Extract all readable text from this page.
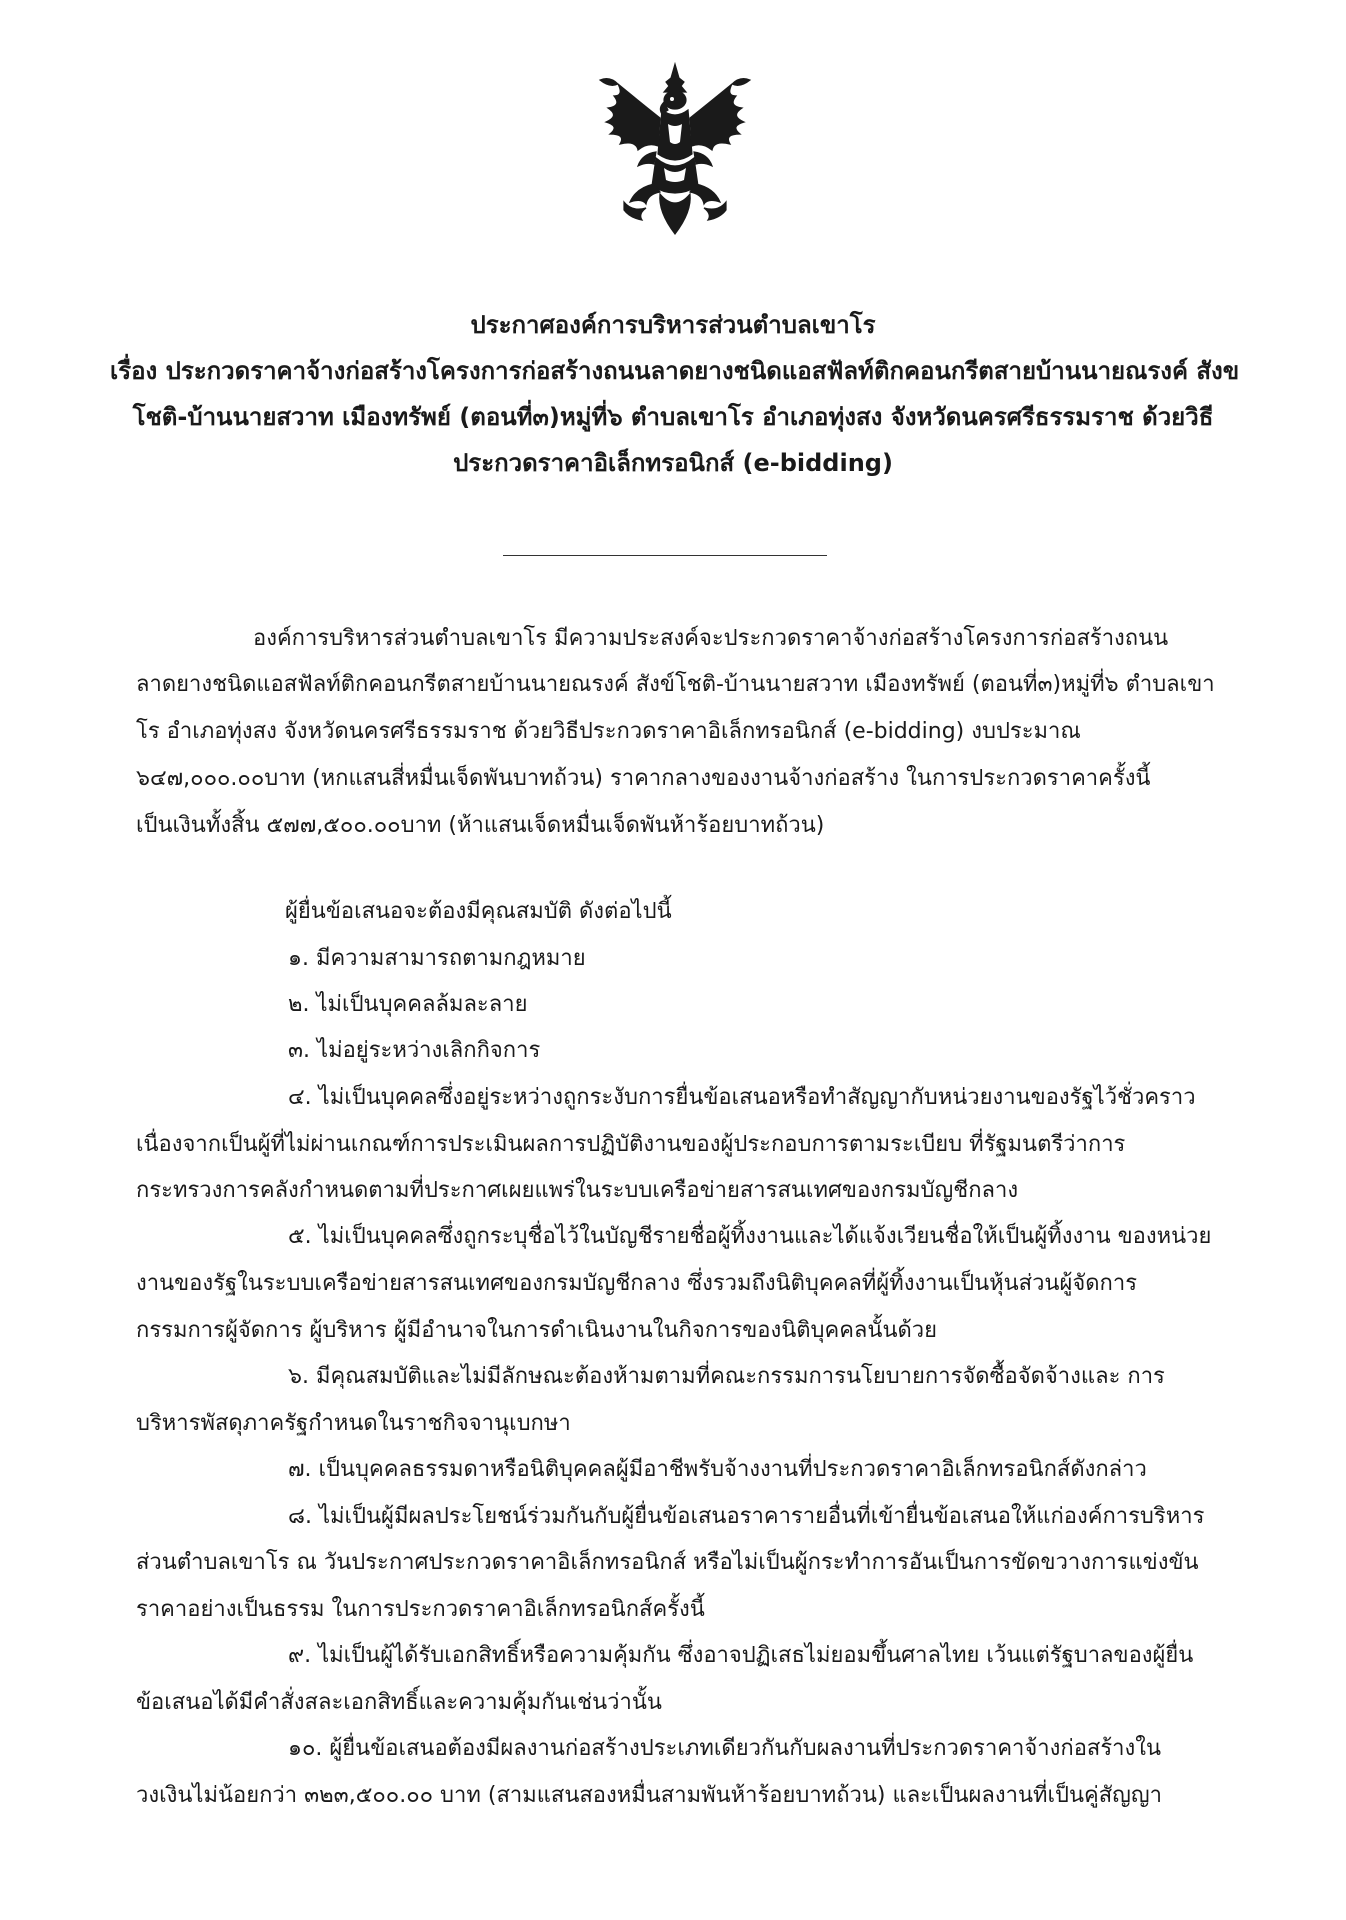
ประกาศองค์การบริหารส่วนตำบลเขาโร
เรื่อง ประกวดราคาจ้างก่อสร้างโครงการก่อสร้างถนนลาดยางชนิดแอสฟัลท์ติกคอนกรีตสายบ้านนายณรงค์ สังข
โชติ-บ้านนายสวาท เมืองทรัพย์ (ตอนที่๓)หมู่ที่๖ ตำบลเขาโร อำเภอทุ่งสง จังหวัดนครศรีธรรมราช ด้วยวิธี
ประกวดราคาอิเล็กทรอนิกส์ (e-bidding)
องค์การบริหารส่วนตำบลเขาโร มีความประสงค์จะประกวดราคาจ้างก่อสร้างโครงการก่อสร้างถนน
ลาดยางชนิดแอสฟัลท์ติกคอนกรีตสายบ้านนายณรงค์ สังข์โชติ-บ้านนายสวาท เมืองทรัพย์ (ตอนที่๓)หมู่ที่๖ ตำบลเขา
โร อำเภอทุ่งสง จังหวัดนครศรีธรรมราช ด้วยวิธีประกวดราคาอิเล็กทรอนิกส์ (e-bidding) งบประมาณ
๖๔๗,๐๐๐.๐๐บาท (หกแสนสี่หมื่นเจ็ดพันบาทถ้วน) ราคากลางของงานจ้างก่อสร้าง ในการประกวดราคาครั้งนี้
เป็นเงินทั้งสิ้น ๕๗๗,๕๐๐.๐๐บาท (ห้าแสนเจ็ดหมื่นเจ็ดพันห้าร้อยบาทถ้วน)
ผู้ยื่นข้อเสนอจะต้องมีคุณสมบัติ ดังต่อไปนี้
๑. มีความสามารถตามกฎหมาย
๒. ไม่เป็นบุคคลล้มละลาย
๓. ไม่อยู่ระหว่างเลิกกิจการ
๔. ไม่เป็นบุคคลซึ่งอยู่ระหว่างถูกระงับการยื่นข้อเสนอหรือทำสัญญากับหน่วยงานของรัฐไว้ชั่วคราว
เนื่องจากเป็นผู้ที่ไม่ผ่านเกณฑ์การประเมินผลการปฏิบัติงานของผู้ประกอบการตามระเบียบ ที่รัฐมนตรีว่าการ
กระทรวงการคลังกำหนดตามที่ประกาศเผยแพร่ในระบบเครือข่ายสารสนเทศของกรมบัญชีกลาง
๕. ไม่เป็นบุคคลซึ่งถูกระบุชื่อไว้ในบัญชีรายชื่อผู้ทิ้งงานและได้แจ้งเวียนชื่อให้เป็นผู้ทิ้งงาน ของหน่วย
งานของรัฐในระบบเครือข่ายสารสนเทศของกรมบัญชีกลาง ซึ่งรวมถึงนิติบุคคลที่ผู้ทิ้งงานเป็นหุ้นส่วนผู้จัดการ
กรรมการผู้จัดการ ผู้บริหาร ผู้มีอำนาจในการดำเนินงานในกิจการของนิติบุคคลนั้นด้วย
๖. มีคุณสมบัติและไม่มีลักษณะต้องห้ามตามที่คณะกรรมการนโยบายการจัดซื้อจัดจ้างและ การ
บริหารพัสดุภาครัฐกำหนดในราชกิจจานุเบกษา
๗. เป็นบุคคลธรรมดาหรือนิติบุคคลผู้มีอาชีพรับจ้างงานที่ประกวดราคาอิเล็กทรอนิกส์ดังกล่าว
๘. ไม่เป็นผู้มีผลประโยชน์ร่วมกันกับผู้ยื่นข้อเสนอราคารายอื่นที่เข้ายื่นข้อเสนอให้แก่องค์การบริหาร
ส่วนตำบลเขาโร ณ วันประกาศประกวดราคาอิเล็กทรอนิกส์ หรือไม่เป็นผู้กระทำการอันเป็นการขัดขวางการแข่งขัน
ราคาอย่างเป็นธรรม ในการประกวดราคาอิเล็กทรอนิกส์ครั้งนี้
๙. ไม่เป็นผู้ได้รับเอกสิทธิ์หรือความคุ้มกัน ซึ่งอาจปฏิเสธไม่ยอมขึ้นศาลไทย เว้นแต่รัฐบาลของผู้ยื่น
ข้อเสนอได้มีคำสั่งสละเอกสิทธิ์และความคุ้มกันเช่นว่านั้น
๑๐. ผู้ยื่นข้อเสนอต้องมีผลงานก่อสร้างประเภทเดียวกันกับผลงานที่ประกวดราคาจ้างก่อสร้างใน
วงเงินไม่น้อยกว่า ๓๒๓,๕๐๐.๐๐ บาท (สามแสนสองหมื่นสามพันห้าร้อยบาทถ้วน) และเป็นผลงานที่เป็นคู่สัญญา
